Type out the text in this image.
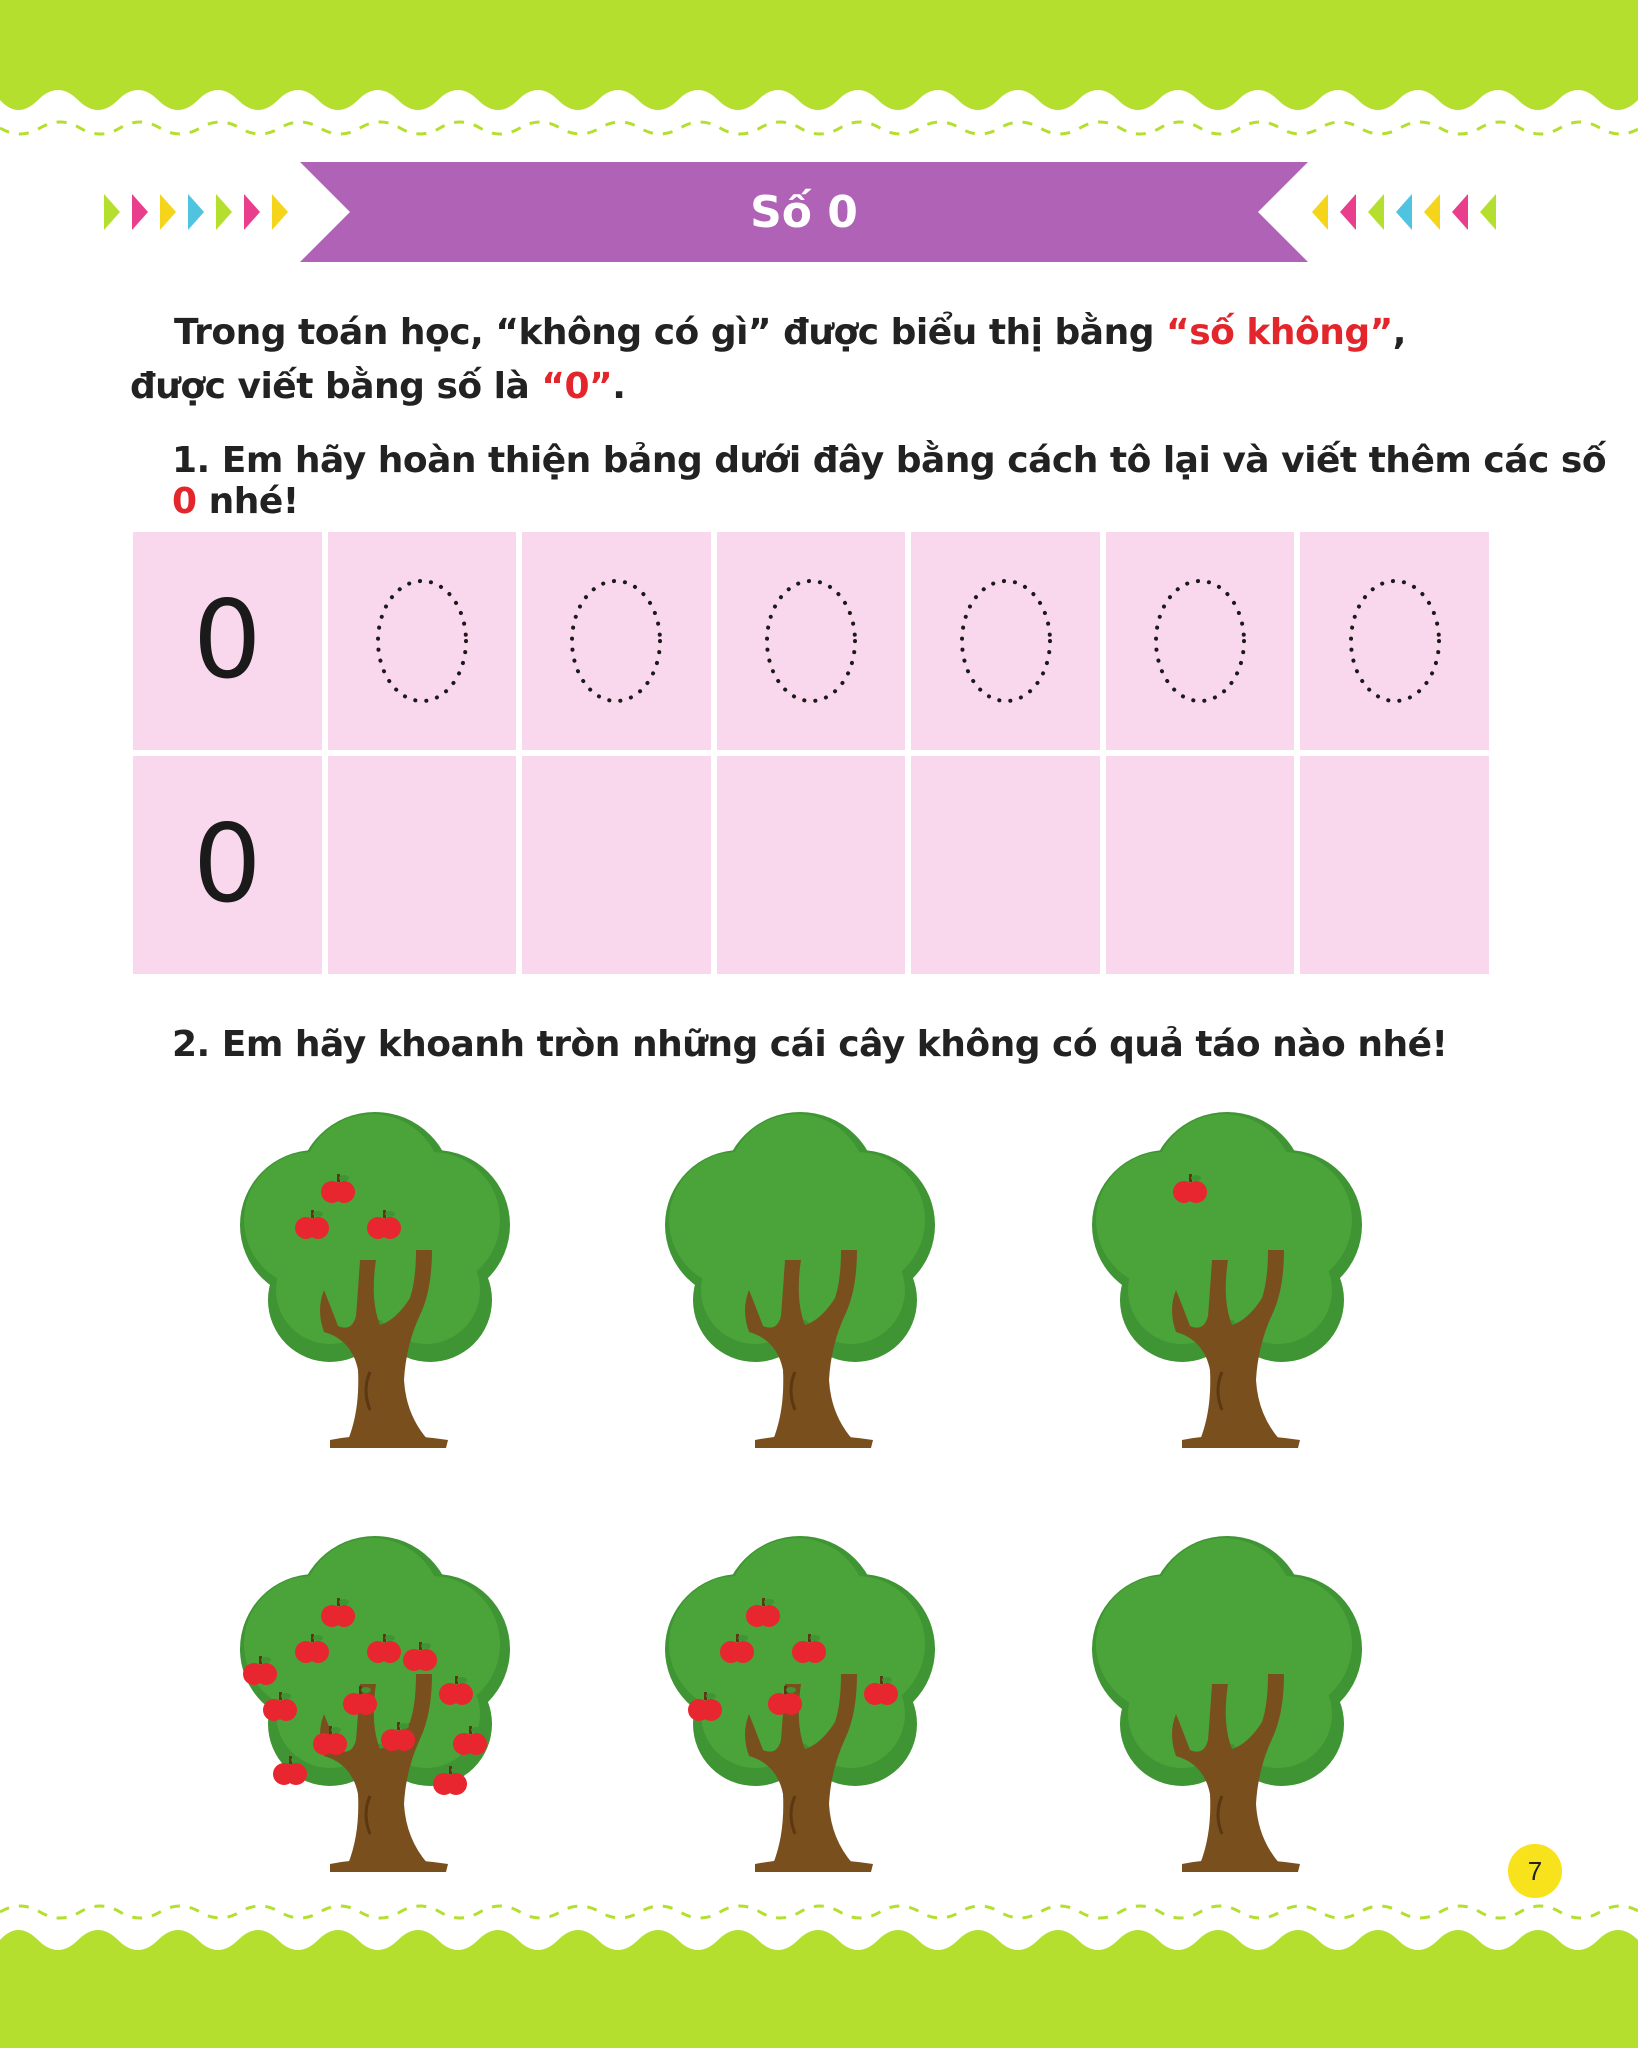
Số 0
Trong toán học, “không có gì” được biểu thị bằng “số không”, được viết bằng số là “0”.
1. Em hãy hoàn thiện bảng dưới đây bằng cách tô lại và viết thêm các số 0 nhé!
0
0
2. Em hãy khoanh tròn những cái cây không có quả táo nào nhé!
7
